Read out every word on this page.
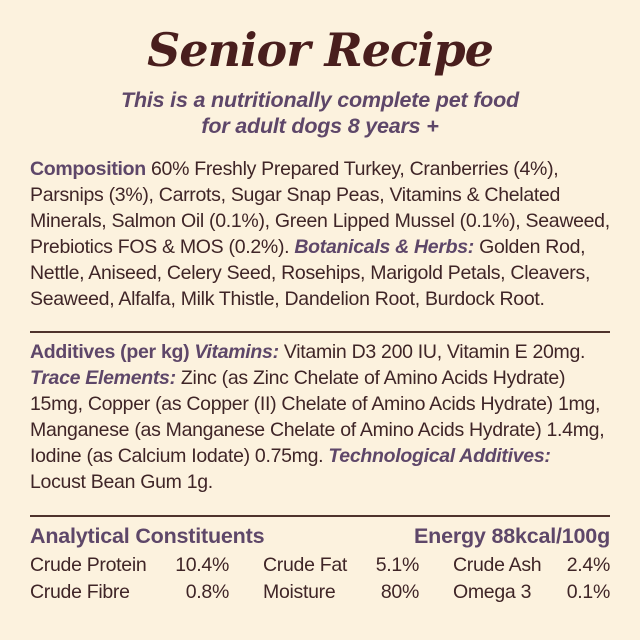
Senior Recipe
This is a nutritionally complete pet food
for adult dogs 8 years +

Composition 60% Freshly Prepared Turkey, Cranberries (4%), Parsnips (3%), Carrots, Sugar Snap Peas, Vitamins & Chelated Minerals, Salmon Oil (0.1%), Green Lipped Mussel (0.1%), Seaweed, Prebiotics FOS & MOS (0.2%). Botanicals & Herbs: Golden Rod, Nettle, Aniseed, Celery Seed, Rosehips, Marigold Petals, Cleavers, Seaweed, Alfalfa, Milk Thistle, Dandelion Root, Burdock Root.

Additives (per kg) Vitamins: Vitamin D3 200 IU, Vitamin E 20mg. Trace Elements: Zinc (as Zinc Chelate of Amino Acids Hydrate) 15mg, Copper (as Copper (II) Chelate of Amino Acids Hydrate) 1mg, Manganese (as Manganese Chelate of Amino Acids Hydrate) 1.4mg, Iodine (as Calcium Iodate) 0.75mg. Technological Additives: Locust Bean Gum 1g.

Analytical Constituents	Energy 88kcal/100g
Crude Protein 10.4%
Crude Fibre	0.8%
Crude Fat 5.1%
Moisture 80%
Crude Ash 2.4%
Omega 3 0.1%
